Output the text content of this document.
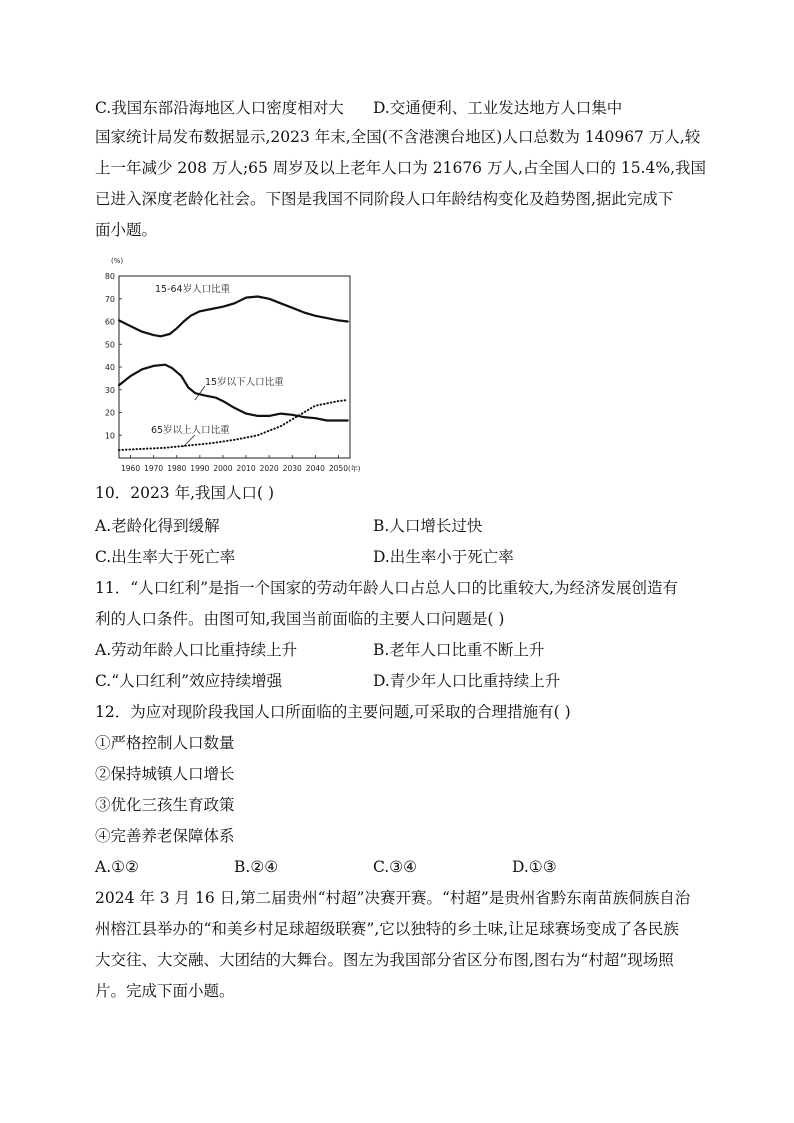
C.我国东部沿海地区人口密度相对大 D.交通便利、工业发达地方人口集中
国家统计局发布数据显示,2023 年末,全国(不含港澳台地区)人口总数为 140967 万人,较
上一年减少 208 万人;65 周岁及以上老年人口为 21676 万人,占全国人口的 15.4%,我国
已进入深度老龄化社会。下图是我国不同阶段人口年龄结构变化及趋势图,据此完成下
面小题。
(%)
10
20
30
40
50
60
70
80
1960 1970 1980 1990 2000 2010 2020 2030 2040 2050
15-64岁人口比重
15岁以下人口比重
65岁以上人口比重
(年)
10．2023 年,我国人口( )
A.老龄化得到缓解	B.人口增长过快
C.出生率大于死亡率	D.出生率小于死亡率
11．“人口红利”是指一个国家的劳动年龄人口占总人口的比重较大,为经济发展创造有
利的人口条件。由图可知,我国当前面临的主要人口问题是( )
A.劳动年龄人口比重持续上升	B.老年人口比重不断上升
C.“人口红利”效应持续增强	D.青少年人口比重持续上升
12．为应对现阶段我国人口所面临的主要问题,可采取的合理措施有( )
①严格控制人口数量
②保持城镇人口增长
③优化三孩生育政策
④完善养老保障体系
A.①②	B.②④	C.③④	D.①③
2024 年 3 月 16 日,第二届贵州“村超”决赛开赛。“村超”是贵州省黔东南苗族侗族自治
州榕江县举办的“和美乡村足球超级联赛”,它以独特的乡土味,让足球赛场变成了各民族
大交往、大交融、大团结的大舞台。图左为我国部分省区分布图,图右为“村超”现场照
片。完成下面小题。
